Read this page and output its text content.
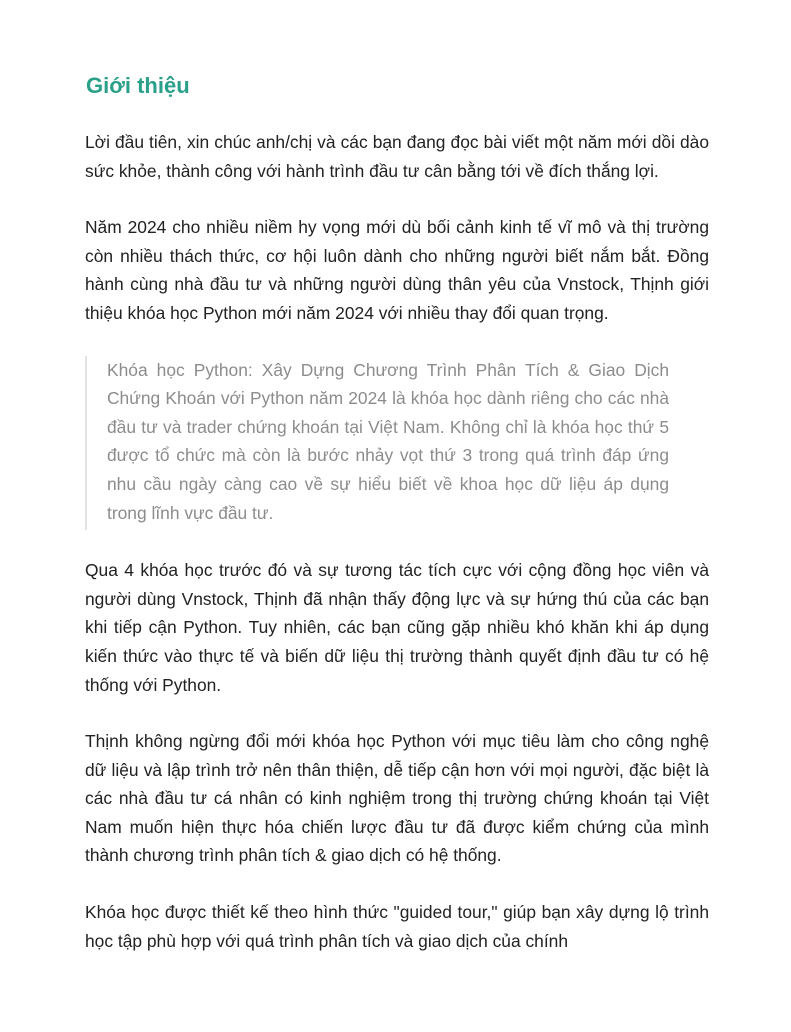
Giới thiệu

Lời đầu tiên, xin chúc anh/chị và các bạn đang đọc bài viết một năm mới dồi dào sức khỏe, thành công với hành trình đầu tư cân bằng tới về đích thắng lợi.

Năm 2024 cho nhiều niềm hy vọng mới dù bối cảnh kinh tế vĩ mô và thị trường còn nhiều thách thức, cơ hội luôn dành cho những người biết nắm bắt. Đồng hành cùng nhà đầu tư và những người dùng thân yêu của Vnstock, Thịnh giới thiệu khóa học Python mới năm 2024 với nhiều thay đổi quan trọng.

Khóa học Python: Xây Dựng Chương Trình Phân Tích & Giao Dịch Chứng Khoán với Python năm 2024 là khóa học dành riêng cho các nhà đầu tư và trader chứng khoán tại Việt Nam. Không chỉ là khóa học thứ 5 được tổ chức mà còn là bước nhảy vọt thứ 3 trong quá trình đáp ứng nhu cầu ngày càng cao về sự hiểu biết về khoa học dữ liệu áp dụng trong lĩnh vực đầu tư.

Qua 4 khóa học trước đó và sự tương tác tích cực với cộng đồng học viên và người dùng Vnstock, Thịnh đã nhận thấy động lực và sự hứng thú của các bạn khi tiếp cận Python. Tuy nhiên, các bạn cũng gặp nhiều khó khăn khi áp dụng kiến thức vào thực tế và biến dữ liệu thị trường thành quyết định đầu tư có hệ thống với Python.

Thịnh không ngừng đổi mới khóa học Python với mục tiêu làm cho công nghệ dữ liệu và lập trình trở nên thân thiện, dễ tiếp cận hơn với mọi người, đặc biệt là các nhà đầu tư cá nhân có kinh nghiệm trong thị trường chứng khoán tại Việt Nam muốn hiện thực hóa chiến lược đầu tư đã được kiểm chứng của mình thành chương trình phân tích & giao dịch có hệ thống.

Khóa học được thiết kế theo hình thức "guided tour," giúp bạn xây dựng lộ trình học tập phù hợp với quá trình phân tích và giao dịch của chính
